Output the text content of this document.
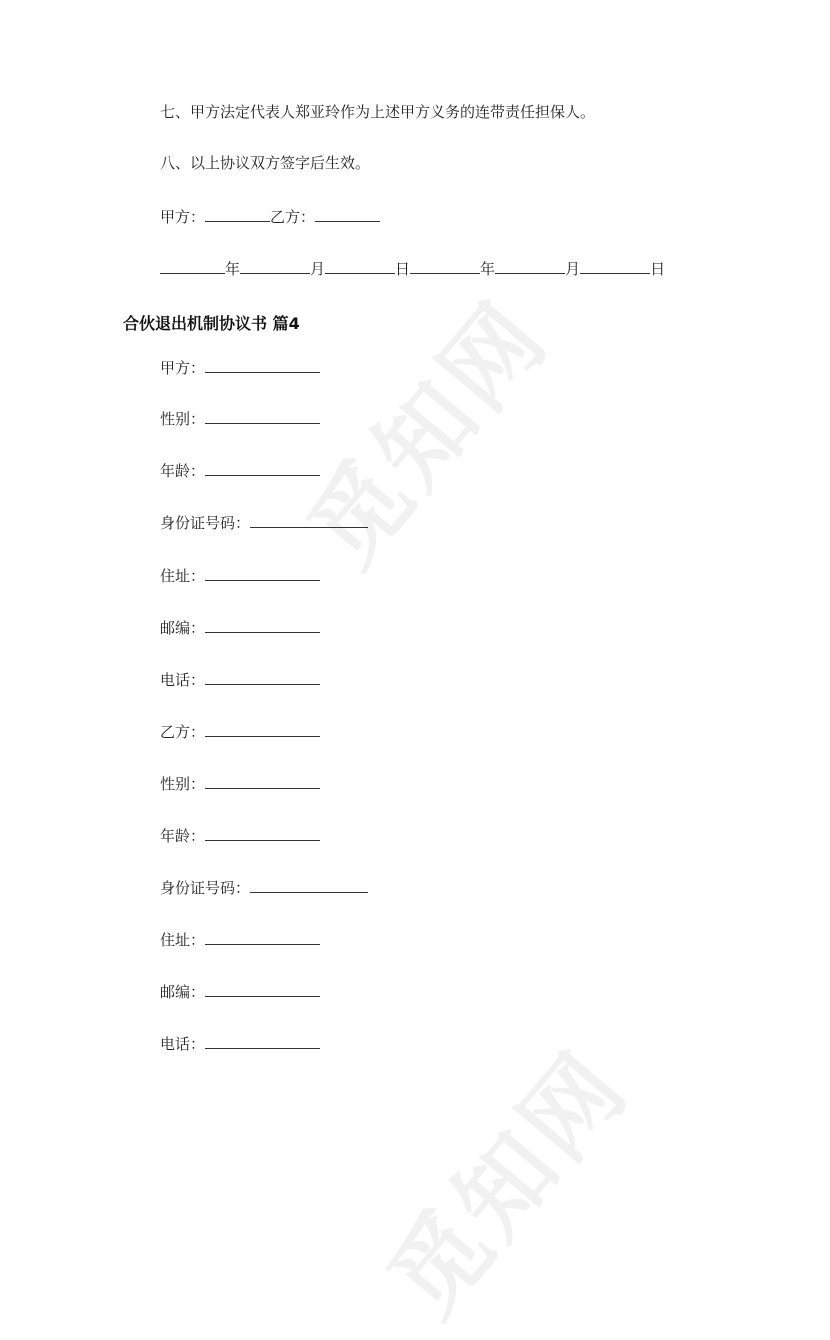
觅知网
觅知网
七、甲方法定代表人郑亚玲作为上述甲方义务的连带责任担保人。
八、以上协议双方签字后生效。
甲方：	乙方：
年	月	日	年	月	日
合伙退出机制协议书 篇4
甲方：
性别：
年龄：
身份证号码：
住址：
邮编：
电话：
乙方：
性别：
年龄：
身份证号码：
住址：
邮编：
电话：
